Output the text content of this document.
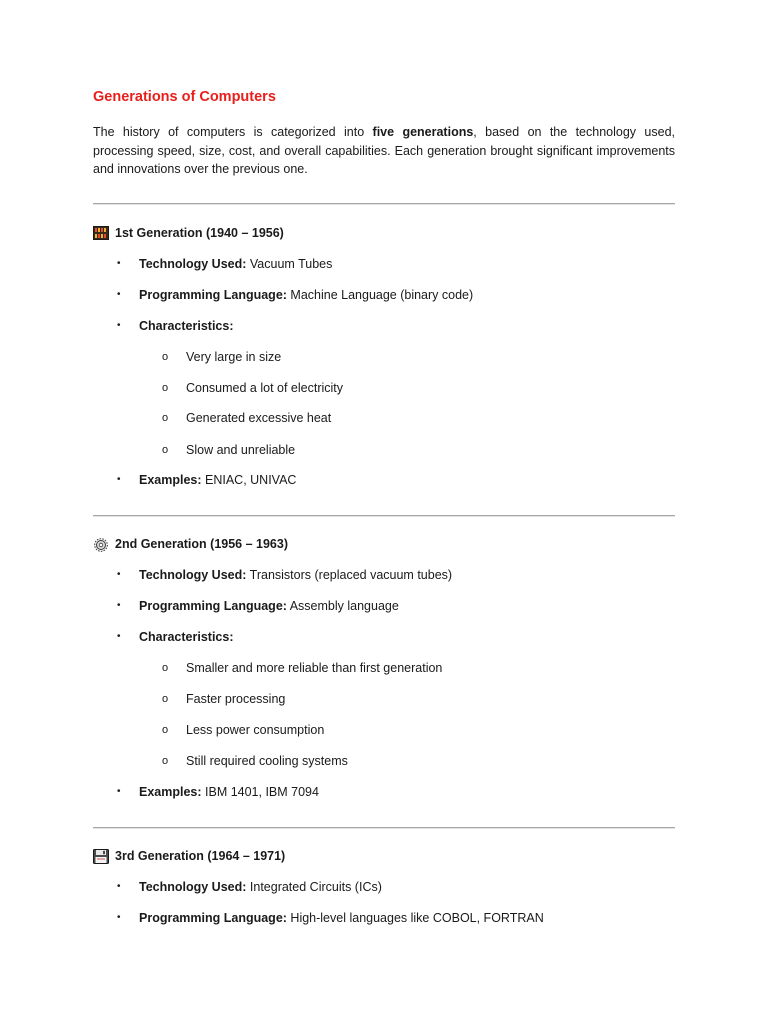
Generations of Computers

The history of computers is categorized into five generations, based on the technology used, processing speed, size, cost, and overall capabilities. Each generation brought significant improvements and innovations over the previous one.

1st Generation (1940 – 1956)
• Technology Used: Vacuum Tubes
• Programming Language: Machine Language (binary code)
• Characteristics:
o Very large in size
o Consumed a lot of electricity
o Generated excessive heat
o Slow and unreliable
• Examples: ENIAC, UNIVAC
2nd Generation (1956 – 1963)
• Technology Used: Transistors (replaced vacuum tubes)
• Programming Language: Assembly language
• Characteristics:
o Smaller and more reliable than first generation
o Faster processing
o Less power consumption
o Still required cooling systems
• Examples: IBM 1401, IBM 7094
3rd Generation (1964 – 1971)
• Technology Used: Integrated Circuits (ICs)
• Programming Language: High-level languages like COBOL, FORTRAN
